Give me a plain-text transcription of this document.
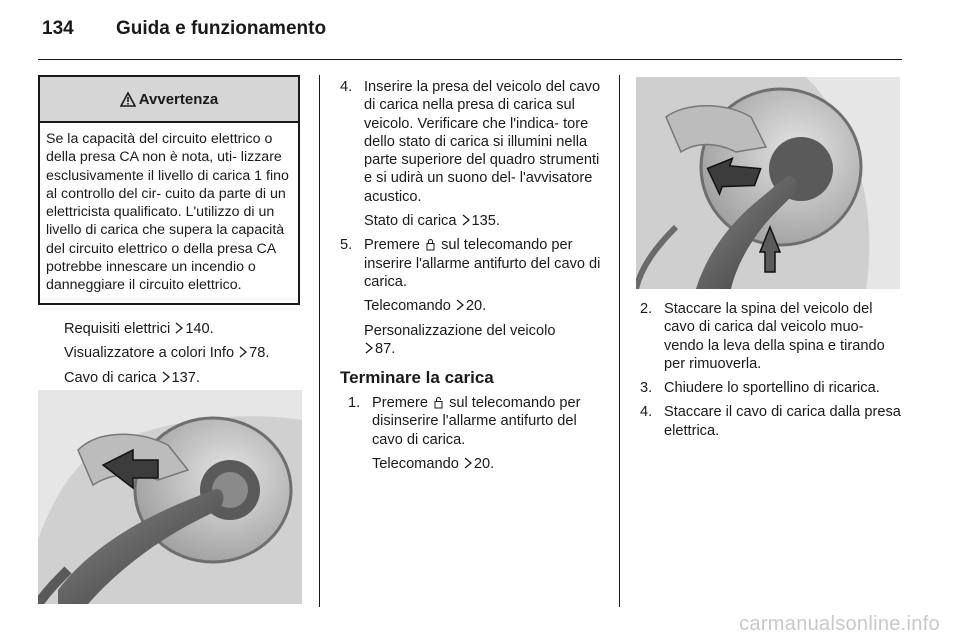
134 Guida e funzionamento
Avvertenza
Se la capacità del circuito elettrico o della presa CA non è nota, uti- lizzare esclusivamente il livello di carica 1 fino al controllo del cir- cuito da parte di un elettricista qualificato. L'utilizzo di un livello di carica che supera la capacità del circuito elettrico o della presa CA potrebbe innescare un incendio o danneggiare il circuito elettrico.
Requisiti elettrici 140.
Visualizzatore a colori Info 78.
Cavo di carica 137.
4. Inserire la presa del veicolo del cavo di carica nella presa di carica sul veicolo. Verificare che l'indica- tore dello stato di carica si illumini nella parte superiore del quadro strumenti e si udirà un suono del- l'avvisatore acustico.
Stato di carica 135.
5. Premere sul telecomando per inserire l'allarme antifurto del cavo di carica.
Telecomando 20.
Personalizzazione del veicolo
87.
Terminare la carica
1. Premere sul telecomando per disinserire l'allarme antifurto del cavo di carica.
Telecomando 20.
2. Staccare la spina del veicolo del cavo di carica dal veicolo muo- vendo la leva della spina e tirando per rimuoverla.
3. Chiudere lo sportellino di ricarica.
4. Staccare il cavo di carica dalla presa elettrica.
carmanualsonline.info
